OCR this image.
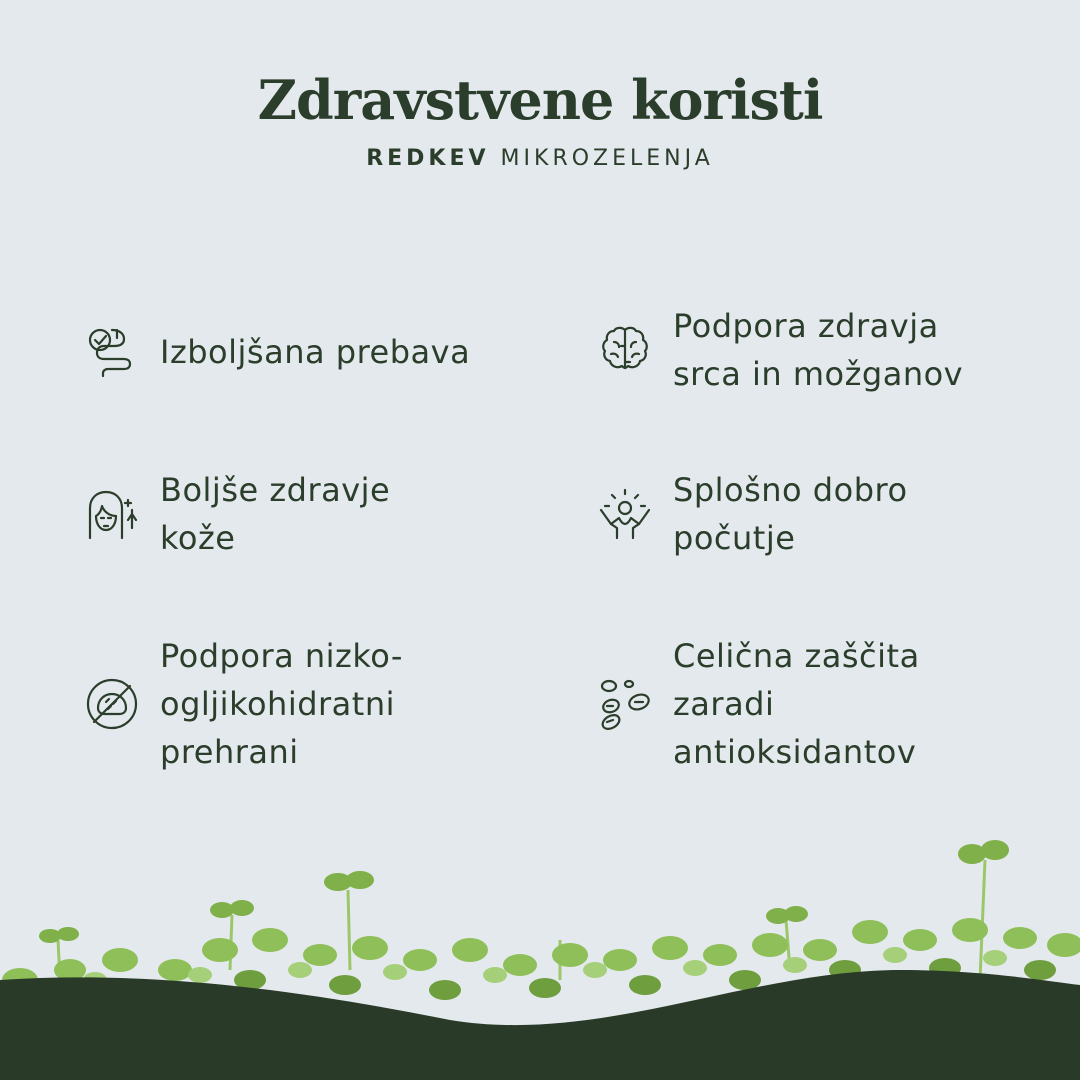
Zdravstvene koristi
REDKEV MIKROZELENJA
Izboljšana prebava
Podpora zdravja
srca in možganov
Boljše zdravje
kože
Splošno dobro
počutje
Podpora nizko-
ogljikohidratni
prehrani
Celična zaščita
zaradi
antioksidantov
